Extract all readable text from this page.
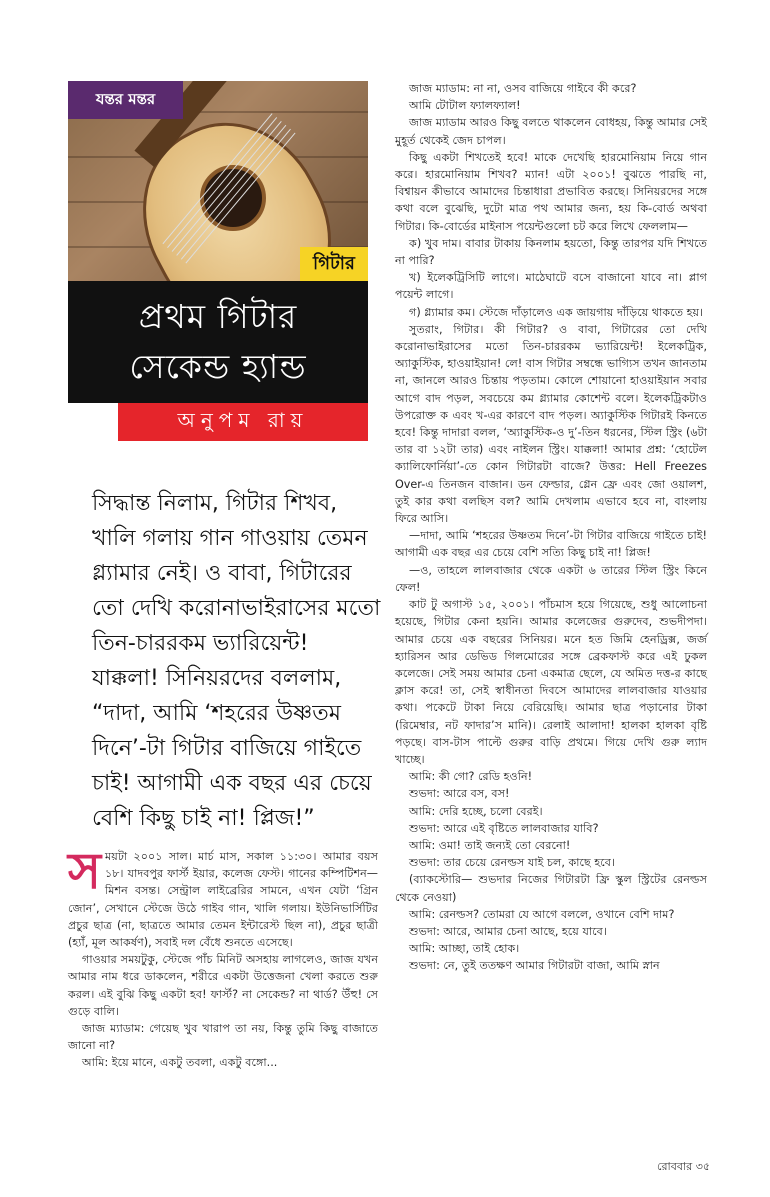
যন্তর মন্তর
গিটার
প্রথম গিটার
সেকেন্ড হ্যান্ড
অনুপম রায়
সিদ্ধান্ত নিলাম, গিটার শিখব, খালি গলায় গান গাওয়ায় তেমন গ্ল্যামার নেই। ও বাবা, গিটারের তো দেখি করোনাভাইরাসের মতো তিন-চাররকম ভ্যারিয়েন্ট! যাক্কলা! সিনিয়রদের বললাম, “দাদা, আমি ‘শহরের উষ্ণতম দিনে’-টা গিটার বাজিয়ে গাইতে চাই! আগামী এক বছর এর চেয়ে বেশি কিছু চাই না! প্লিজ!”

সময়টা ২০০১ সাল। মার্চ মাস, সকাল ১১:৩০। আমার বয়স ১৮। যাদবপুর ফার্স্ট ইয়ার, কলেজ ফেস্ট। গানের কম্পিটিশন— মিশন বসন্ত। সেন্ট্রাল লাইব্রেরির সামনে, এখন যেটা ‘গ্রিন জোন’, সেখানে স্টেজে উঠে গাইব গান, খালি গলায়। ইউনিভার্সিটির প্রচুর ছাত্র (না, ছাত্রতে আমার তেমন ইন্টারেস্ট ছিল না), প্রচুর ছাত্রী (হ্যাঁ, মূল আকর্ষণ), সবাই দল বেঁধে শুনতে এসেছে।

গাওয়ার সময়টুকু, স্টেজে পাঁচ মিনিট অসহায় লাগলেও, জাজ যখন আমার নাম ধরে ডাকলেন, শরীরে একটা উত্তেজনা খেলা করতে শুরু করল। এই বুঝি কিছু একটা হব! ফার্স্ট? না সেকেন্ড? না থার্ড? উঁহু! সে গুড়ে বালি।

জাজ ম্যাডাম: গেয়েছ খুব খারাপ তা নয়, কিন্তু তুমি কিছু বাজাতে জানো না?

আমি: ইয়ে মানে, একটু তবলা, একটু বঙ্গো...

জাজ ম্যাডাম: না না, ওসব বাজিয়ে গাইবে কী করে?

আমি টোটাল ফ্যালফ্যাল!

জাজ ম্যাডাম আরও কিছু বলতে থাকলেন বোধহয়, কিন্তু আমার সেই মুহূর্ত থেকেই জেদ চাপল।

কিছু একটা শিখতেই হবে! মাকে দেখেছি হারমোনিয়াম নিয়ে গান করে। হারমোনিয়াম শিখব? ম্যান! এটা ২০০১! বুঝতে পারছি না, বিশ্বায়ন কীভাবে আমাদের চিন্তাধারা প্রভাবিত করছে। সিনিয়রদের সঙ্গে কথা বলে বুঝেছি, দুটো মাত্র পথ আমার জন্য, হয় কি-বোর্ড অথবা গিটার। কি-বোর্ডের মাইনাস পয়েন্টগুলো চট করে লিখে ফেললাম—

ক) খুব দাম। বাবার টাকায় কিনলাম হয়তো, কিন্তু তারপর যদি শিখতে না পারি?

খ) ইলেকট্রিসিটি লাগে। মাঠেঘাটে বসে বাজানো যাবে না। প্লাগ পয়েন্ট লাগে।

গ) গ্ল্যামার কম। স্টেজে দাঁড়ালেও এক জায়গায় দাঁড়িয়ে থাকতে হয়।

সুতরাং, গিটার। কী গিটার? ও বাবা, গিটারের তো দেখি করোনাভাইরাসের মতো তিন-চাররকম ভ্যারিয়েন্ট! ইলেকট্রিক, অ্যাকুস্টিক, হাওয়াইয়ান! লে! বাস গিটার সম্বন্ধে ভাগ্যিস তখন জানতাম না, জানলে আরও চিন্তায় পড়তাম। কোলে শোয়ানো হাওয়াইয়ান সবার আগে বাদ পড়ল, সবচেয়ে কম গ্ল্যামার কোশেন্ট বলে। ইলেকট্রিকটাও উপরোক্ত ক এবং খ-এর কারণে বাদ পড়ল। অ্যাকুস্টিক গিটারই কিনতে হবে! কিন্তু দাদারা বলল, ‘অ্যাকুস্টিক-ও দু’-তিন ধরনের, স্টিল স্ট্রিং (৬টা তার বা ১২টা তার) এবং নাইলন স্ট্রিং। যাক্কলা! আমার প্রশ্ন: ‘হোটেল ক্যালিফোর্নিয়া’-তে কোন গিটারটা বাজে? উত্তর: Hell Freezes Over-এ তিনজন বাজান। ডন ফেল্ডার, গ্লেন ফ্রে এবং জো ওয়ালশ, তুই কার কথা বলছিস বল? আমি দেখলাম এভাবে হবে না, বাংলায় ফিরে আসি।

—দাদা, আমি ‘শহরের উষ্ণতম দিনে’-টা গিটার বাজিয়ে গাইতে চাই! আগামী এক বছর এর চেয়ে বেশি সত্যি কিছু চাই না! প্লিজ!

—ও, তাহলে লালবাজার থেকে একটা ৬ তারের স্টিল স্ট্রিং কিনে ফেল!

কাট টু অগাস্ট ১৫, ২০০১। পাঁচমাস হয়ে গিয়েছে, শুধু আলোচনা হয়েছে, গিটার কেনা হয়নি। আমার কলেজের গুরুদেব, শুভদীপদা। আমার চেয়ে এক বছরের সিনিয়র। মনে হত জিমি হেনড্রিক্স, জর্জ হ্যারিসন আর ডেভিড গিলমোরের সঙ্গে ব্রেকফাস্ট করে এই ঢুকল কলেজে। সেই সময় আমার চেনা একমাত্র ছেলে, যে অমিত দত্ত-র কাছে ক্লাস করে! তা, সেই স্বাধীনতা দিবসে আমাদের লালবাজার যাওয়ার কথা। পকেটে টাকা নিয়ে বেরিয়েছি। আমার ছাত্র পড়ানোর টাকা (রিমেম্বার, নট ফাদার’স মানি)। রেলাই আলাদা! হালকা হালকা বৃষ্টি পড়ছে। বাস-টাস পাল্টে গুরুর বাড়ি প্রথমে। গিয়ে দেখি গুরু ল্যাদ খাচ্ছে।

আমি: কী গো? রেডি হওনি!

শুভদা: আরে বস, বস!

আমি: দেরি হচ্ছে, চলো বেরই।

শুভদা: আরে এই বৃষ্টিতে লালবাজার যাবি?

আমি: ওমা! তাই জন্যই তো বেরনো!

শুভদা: তার চেয়ে রেনল্ডস যাই চল, কাছে হবে।

(ব্যাকস্টোরি— শুভদার নিজের গিটারটা ফ্রি স্কুল স্ট্রিটের রেনল্ডস থেকে নেওয়া)

আমি: রেনল্ডস? তোমরা যে আগে বললে, ওখানে বেশি দাম?

শুভদা: আরে, আমার চেনা আছে, হয়ে যাবে।

আমি: আচ্ছা, তাই হোক।

শুভদা: নে, তুই ততক্ষণ আমার গিটারটা বাজা, আমি স্নান

রোববার ৩৫
